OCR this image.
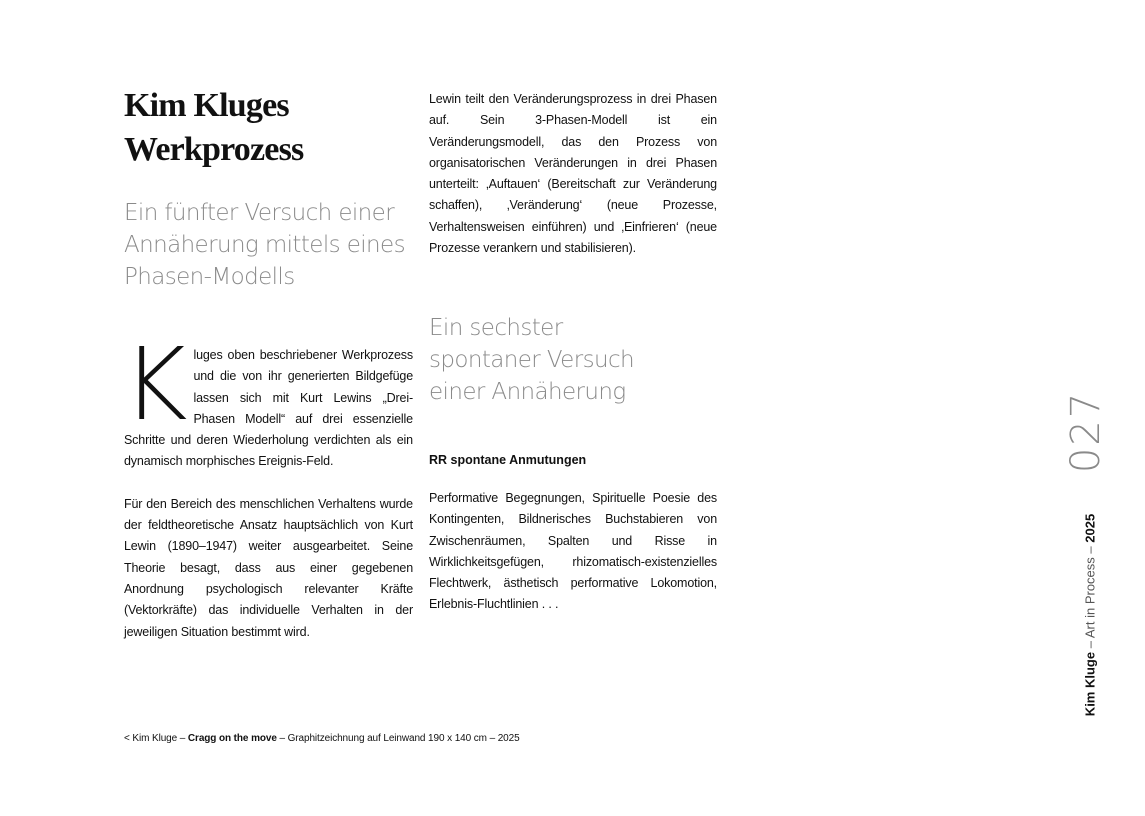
Kim Kluges
Werkprozess
Ein fünfter Versuch einer
Annäherung mittels eines
Phasen-Modells

Kluges oben beschriebener Werkprozess und die von ihr generierten Bildgefüge lassen sich mit Kurt Lewins „Drei-Phasen Modell“ auf drei essenzielle Schritte und deren Wiederholung verdichten als ein dynamisch morphisches Ereignis-Feld.

Für den Bereich des menschlichen Verhaltens wurde der feldtheoretische Ansatz hauptsächlich von Kurt Lewin (1890–1947) weiter ausgearbeitet. Seine Theorie besagt, dass aus einer gegebenen Anordnung psychologisch relevanter Kräfte (Vektorkräfte) das individuelle Verhalten in der jeweiligen Situation bestimmt wird.

Lewin teilt den Veränderungsprozess in drei Phasen auf. Sein 3-Phasen-Modell ist ein Veränderungsmodell, das den Prozess von organisatorischen Veränderungen in drei Phasen unterteilt: ‚Auftauen‘ (Bereitschaft zur Veränderung schaffen), ‚Veränderung‘ (neue Prozesse, Verhaltensweisen einführen) und ‚Einfrieren‘ (neue Prozesse verankern und stabilisieren).

Ein sechster
spontaner Versuch
einer Annäherung

RR spontane Anmutungen

Performative Begegnungen, Spirituelle Poesie des Kontingenten, Bildnerisches Buchstabieren von Zwischenräumen, Spalten und Risse in Wirklichkeitsgefügen, rhizomatisch-existenzielles Flechtwerk, ästhetisch performative Lokomotion, Erlebnis-Fluchtlinien . . .

< Kim Kluge – Cragg on the move – Graphitzeichnung auf Leinwand 190 x 140 cm – 2025
027
Kim Kluge – Art in Process – 2025
